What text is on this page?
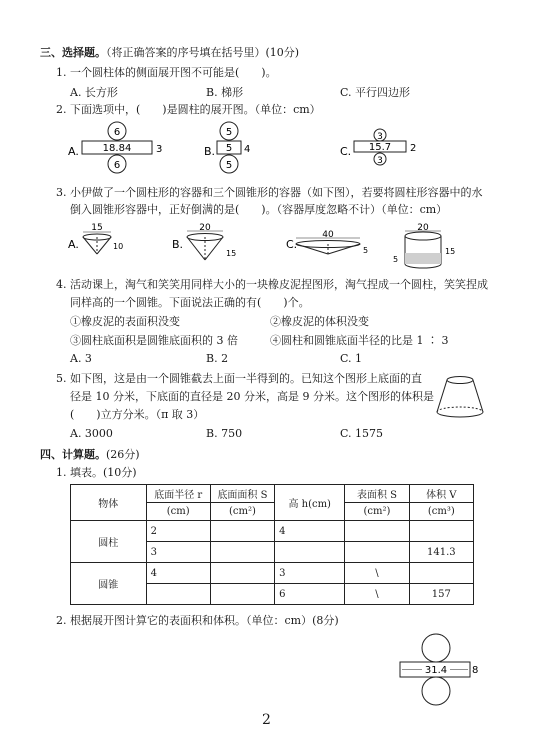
三、选择题。（将正确答案的序号填在括号里）(10分)
1. 一个圆柱体的侧面展开图不可能是(　　)。
A. 长方形	B. 梯形	C. 平行四边形
2. 下面选项中，(　　)是圆柱的展开图。（单位：cm）
A.
6
18.84 3
6
B.
5
5 4
5
C.
3
15.7 2
3
3. 小伊做了一个圆柱形的容器和三个圆锥形的容器（如下图），若要将圆柱形容器中的水
倒入圆锥形容器中，正好倒满的是(　　)。（容器厚度忽略不计）（单位：cm）
A.
15
10	B.
20
15
C.
40
5
20
15
5
4. 活动课上，淘气和笑笑用同样大小的一块橡皮泥捏图形，淘气捏成一个圆柱，笑笑捏成
同样高的一个圆锥。下面说法正确的有(　　)个。
①橡皮泥的表面积没变	②橡皮泥的体积没变
③圆柱底面积是圆锥底面积的 3 倍	④圆柱和圆锥底面半径的比是 1 ∶ 3
A. 3	B. 2	C. 1
5. 如下图，这是由一个圆锥截去上面一半得到的。已知这个图形上底面的直
径是 10 分米，下底面的直径是 20 分米，高是 9 分米。这个图形的体积是
(　　)立方分米。（π 取 3）
A. 3000	B. 750	C. 1575
四、计算题。(26分)
1. 填表。(10分)
物体	底面半径 r	底面面积 S	高 h(cm)	表面积 S	体积 V
	(cm)	(cm²)		(cm²)	(cm³)
圆柱	2		4		
	3				141.3
圆锥	4		3	\	
			6	\	157
2. 根据展开图计算它的表面积和体积。（单位：cm）(8分)
31.4 8
2
